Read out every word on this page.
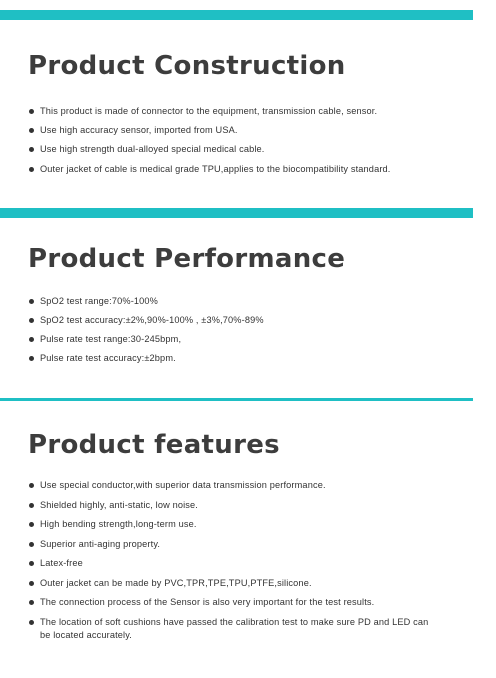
Product Construction
This product is made of connector to the equipment, transmission cable, sensor.
Use high accuracy sensor, imported from USA.
Use high strength dual-alloyed special medical cable.
Outer jacket of cable is medical grade TPU,applies to the biocompatibility standard.
Product Performance
SpO2 test range:70%-100%
SpO2 test accuracy:±2%,90%-100% , ±3%,70%-89%
Pulse rate test range:30-245bpm,
Pulse rate test accuracy:±2bpm.
Product features
Use special conductor,with superior data transmission performance.
Shielded highly, anti-static, low noise.
High bending strength,long-term use.
Superior anti-aging property.
Latex-free
Outer jacket can be made by PVC,TPR,TPE,TPU,PTFE,silicone.
The connection process of the Sensor is also very important for the test results.
The location of soft cushions have passed the calibration test to make sure PD and LED can be located accurately.
